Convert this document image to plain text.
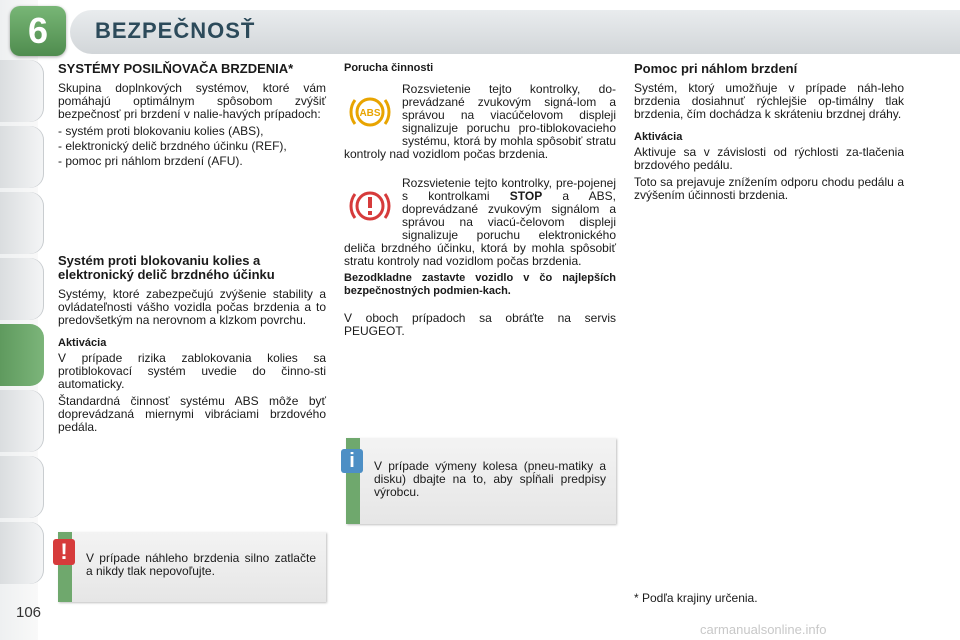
6	BEZPEČNOSŤ
SYSTÉMY POSILŇOVAČA BRZDENIA*

Skupina doplnkových systémov, ktoré vám pomáhajú optimálnym spôsobom zvýšiť bezpečnosť pri brzdení v nalie-havých prípadoch:

- systém proti blokovaniu kolies (ABS),
- elektronický delič brzdného účinku (REF),
- pomoc pri náhlom brzdení (AFU).
Systém proti blokovaniu kolies a elektronický delič brzdného účinku

Systémy, ktoré zabezpečujú zvýšenie stability a ovládateľnosti vášho vozidla počas brzdenia a to predovšetkým na nerovnom a klzkom povrchu.

Aktivácia

V prípade rizika zablokovania kolies sa protiblokovací systém uvedie do činno-sti automaticky.

Štandardná činnosť systému ABS môže byť doprevádzaná miernymi vibráciami brzdového pedála.

Porucha činnosti
ABS

Rozsvietenie tejto kontrolky, do-prevádzané zvukovým signá-lom a správou na viacúčelovom displeji signalizuje poruchu pro-tiblokovacieho systému, ktorá by mohla spôsobiť stratu kontroly nad vozidlom počas brzdenia.

Rozsvietenie tejto kontrolky, pre-pojenej s kontrolkami STOP a ABS, doprevádzané zvukovým signálom a správou na viacú-čelovom displeji signalizuje poruchu elektronického deliča brzdného účinku, ktorá by mohla spôsobiť stratu kontroly nad vozidlom počas brzdenia.

Bezodkladne zastavte vozidlo v čo najlepších bezpečnostných podmien-kach.

V oboch prípadoch sa obráťte na servis PEUGEOT.

Pomoc pri náhlom brzdení

Systém, ktorý umožňuje v prípade náh-leho brzdenia dosiahnuť rýchlejšie op-timálny tlak brzdenia, čím dochádza k skráteniu brzdnej dráhy.

Aktivácia

Aktivuje sa v závislosti od rýchlosti za-tlačenia brzdového pedálu.

Toto sa prejavuje znížením odporu chodu pedálu a zvýšením účinnosti brzdenia.

V prípade výmeny kolesa (pneu-matiky a disku) dbajte na to, aby spĺňali predpisy výrobcu.
i
V prípade náhleho brzdenia silno zatlačte a nikdy tlak nepovoľujte.
!
* Podľa krajiny určenia.
106
carmanualsonline.info
